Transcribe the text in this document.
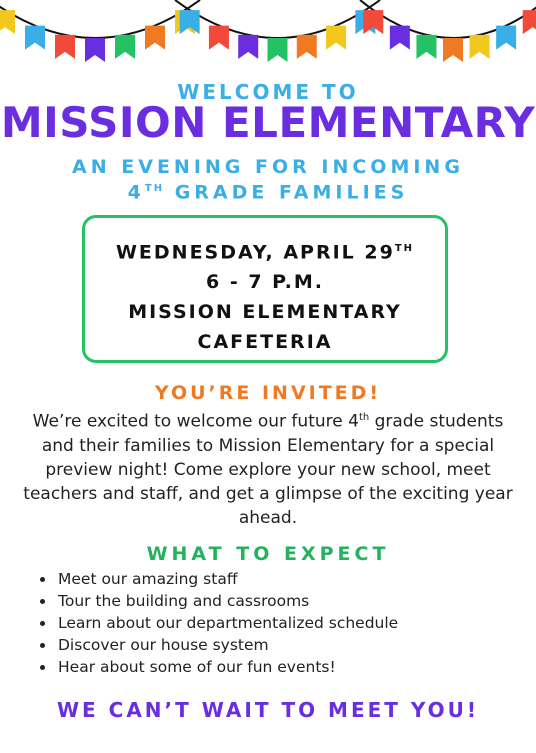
WELCOME TO
MISSION ELEMENTARY
AN EVENING FOR INCOMING
4TH GRADE FAMILIES
WEDNESDAY, APRIL 29TH
6 - 7 P.M.
MISSION ELEMENTARY
CAFETERIA
YOU’RE INVITED!
We’re excited to welcome our future 4th grade students and their families to Mission Elementary for a special preview night! Come explore your new school, meet teachers and staff, and get a glimpse of the exciting year ahead.
WHAT TO EXPECT
• Meet our amazing staff
• Tour the building and cassrooms
• Learn about our departmentalized schedule
• Discover our house system
• Hear about some of our fun events!
WE CAN’T WAIT TO MEET YOU!
